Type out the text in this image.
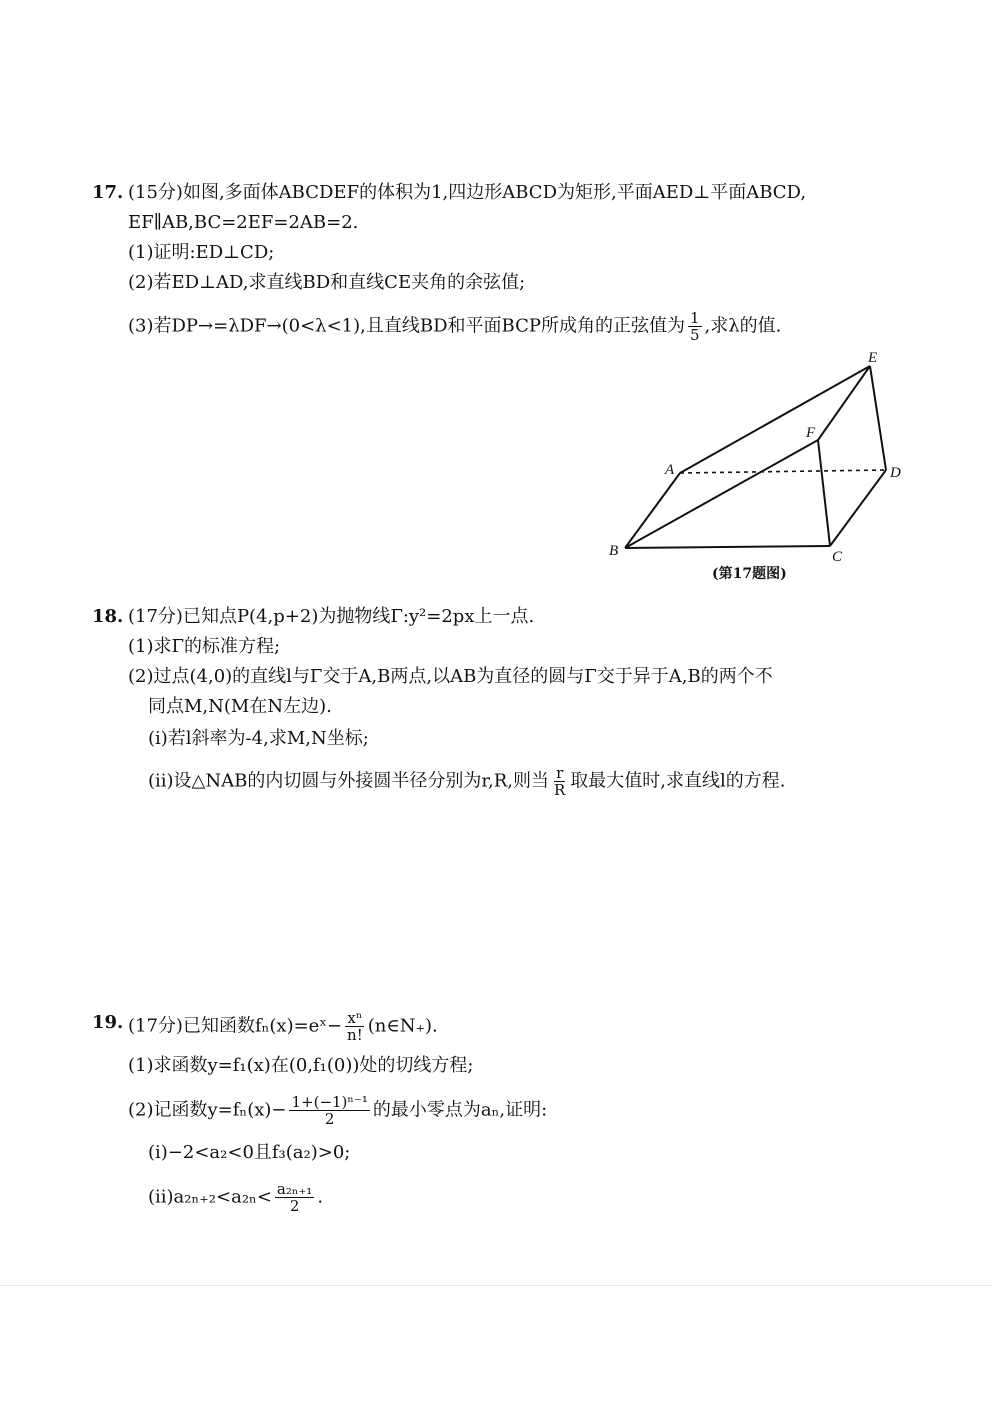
17. (15分)如图,多面体ABCDEF的体积为1,四边形ABCD为矩形,平面AED⊥平面ABCD,
EF∥AB,BC=2EF=2AB=2.
(1)证明:ED⊥CD;
(2)若ED⊥AD,求直线BD和直线CE夹角的余弦值;
(3)若DP→=λDF→(0<λ<1),且直线BD和平面BCP所成角的正弦值为 $\frac{1}{5}$ ,求λ的值.
A
B	C
D
E
F
(第17题图)
18. (17分)已知点P(4,p+2)为抛物线Γ:y²=2px上一点.
(1)求Γ的标准方程;
(2)过点(4,0)的直线l与Γ交于A,B两点,以AB为直径的圆与Γ交于异于A,B的两个不
同点M,N(M在N左边).
(i)若l斜率为-4,求M,N坐标;
(ii)设△NAB的内切圆与外接圆半径分别为r,R,则当 $\frac{r}{R}$ 取最大值时,求直线l的方程.
19. (17分)已知函数fₙ(x)=eˣ− $\frac{\text{xⁿ}}{n!}$ (n∈N₊).
(1)求函数y=f₁(x)在(0,f₁(0))处的切线方程;
(2)记函数$y=f_n(x)- \frac{\text{1+(−1)ⁿ⁻¹}}{2}$ 的最小零点为aₙ,证明:
(i)−2<a₂<0且f₃(a₂)>0;
$(ii)a_{2n+2}<a_{2n}< \frac{\text{a₂ₙ₊₁}}{2}$ .
